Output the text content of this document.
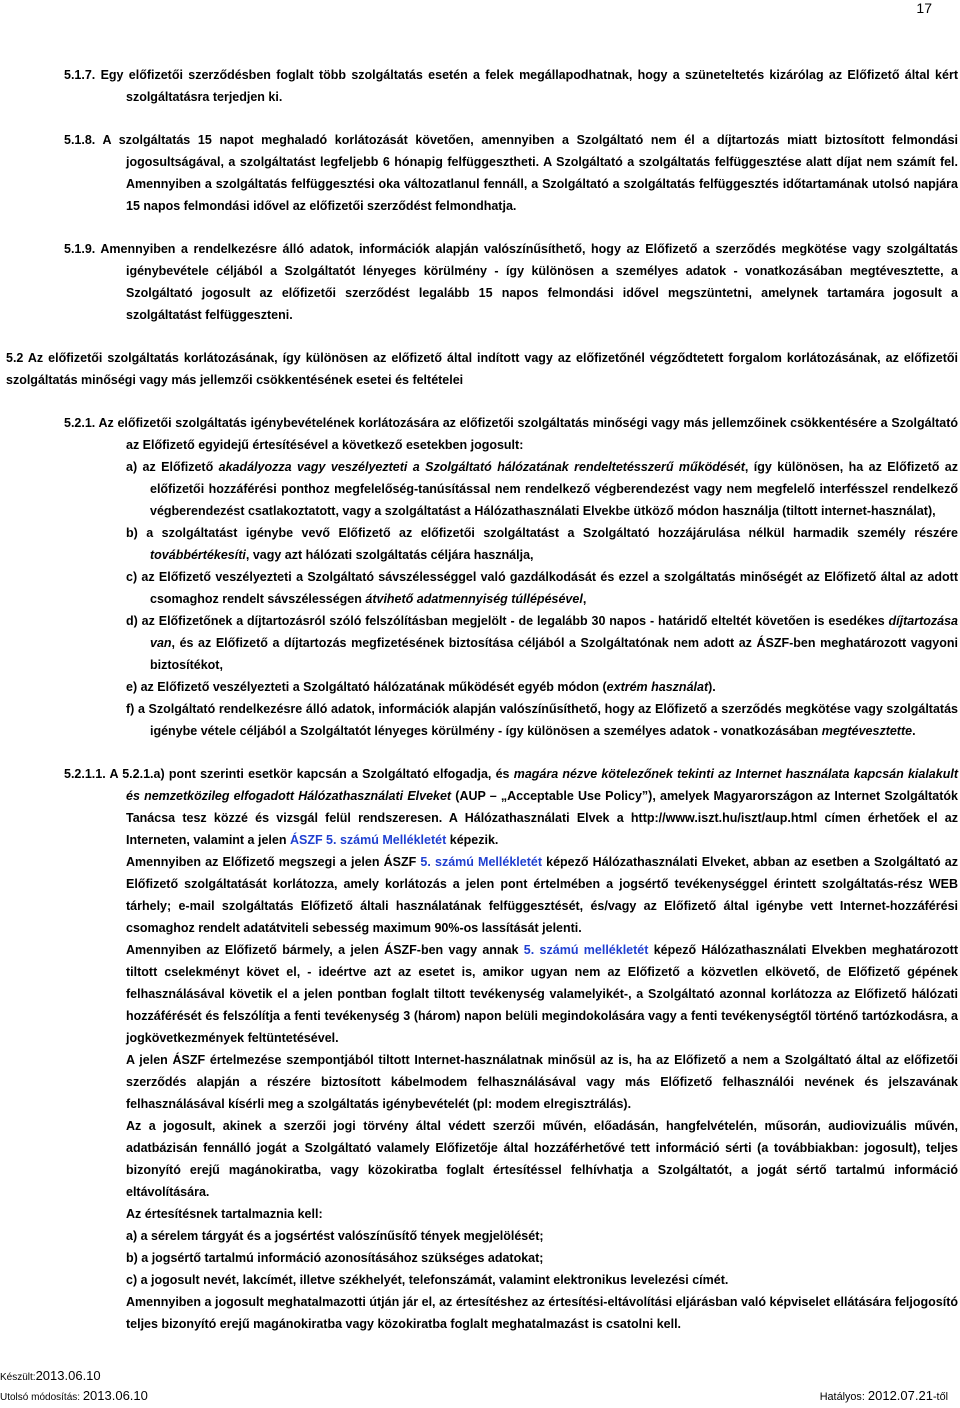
17

5.1.7. Egy előfizetői szerződésben foglalt több szolgáltatás esetén a felek megállapodhatnak, hogy a szüneteltetés kizárólag az Előfizető által kért szolgáltatásra terjedjen ki.

5.1.8. A szolgáltatás 15 napot meghaladó korlátozását követően, amennyiben a Szolgáltató nem él a díjtartozás miatt biztosított felmondási jogosultságával, a szolgáltatást legfeljebb 6 hónapig felfüggesztheti. A Szolgáltató a szolgáltatás felfüggesztése alatt díjat nem számít fel. Amennyiben a szolgáltatás felfüggesztési oka változatlanul fennáll, a Szolgáltató a szolgáltatás felfüggesztés időtartamának utolsó napjára 15 napos felmondási idővel az előfizetői szerződést felmondhatja.

5.1.9. Amennyiben a rendelkezésre álló adatok, információk alapján valószínűsíthető, hogy az Előfizető a szerződés megkötése vagy szolgáltatás igénybevétele céljából a Szolgáltatót lényeges körülmény - így különösen a személyes adatok - vonatkozásában megtévesztette, a Szolgáltató jogosult az előfizetői szerződést legalább 15 napos felmondási idővel megszüntetni, amelynek tartamára jogosult a szolgáltatást felfüggeszteni.

5.2 Az előfizetői szolgáltatás korlátozásának, így különösen az előfizető által indított vagy az előfizetőnél végződtetett forgalom korlátozásának, az előfizetői szolgáltatás minőségi vagy más jellemzői csökkentésének esetei és feltételei

5.2.1. Az előfizetői szolgáltatás igénybevételének korlátozására az előfizetői szolgáltatás minőségi vagy más jellemzőinek csökkentésére a Szolgáltató az Előfizető egyidejű értesítésével a következő esetekben jogosult:

a) az Előfizető akadályozza vagy veszélyezteti a Szolgáltató hálózatának rendeltetésszerű működését, így különösen, ha az Előfizető az előfizetői hozzáférési ponthoz megfelelőség-tanúsítással nem rendelkező végberendezést vagy nem megfelelő interfésszel rendelkező végberendezést csatlakoztatott, vagy a szolgáltatást a Hálózathasználati Elvekbe ütköző módon használja (tiltott internet-használat),

b) a szolgáltatást igénybe vevő Előfizető az előfizetői szolgáltatást a Szolgáltató hozzájárulása nélkül harmadik személy részére továbbértékesíti, vagy azt hálózati szolgáltatás céljára használja,

c) az Előfizető veszélyezteti a Szolgáltató sávszélességgel való gazdálkodását és ezzel a szolgáltatás minőségét az Előfizető által az adott csomaghoz rendelt sávszélességen átvihető adatmennyiség túllépésével,

d) az Előfizetőnek a díjtartozásról szóló felszólításban megjelölt - de legalább 30 napos - határidő elteltét követően is esedékes díjtartozása van, és az Előfizető a díjtartozás megfizetésének biztosítása céljából a Szolgáltatónak nem adott az ÁSZF-ben meghatározott vagyoni biztosítékot,

e) az Előfizető veszélyezteti a Szolgáltató hálózatának működését egyéb módon (extrém használat).

f) a Szolgáltató rendelkezésre álló adatok, információk alapján valószínűsíthető, hogy az Előfizető a szerződés megkötése vagy szolgáltatás igénybe vétele céljából a Szolgáltatót lényeges körülmény - így különösen a személyes adatok - vonatkozásában megtévesztette.

5.2.1.1. A 5.2.1.a) pont szerinti esetkör kapcsán a Szolgáltató elfogadja, és magára nézve kötelezőnek tekinti az Internet használata kapcsán kialakult és nemzetközileg elfogadott Hálózathasználati Elveket (AUP – „Acceptable Use Policy”), amelyek Magyarországon az Internet Szolgáltatók Tanácsa tesz közzé és vizsgál felül rendszeresen. A Hálózathasználati Elvek a http://www.iszt.hu/iszt/aup.html címen érhetőek el az Interneten, valamint a jelen ÁSZF 5. számú Mellékletét képezik.

Amennyiben az Előfizető megszegi a jelen ÁSZF 5. számú Mellékletét képező Hálózathasználati Elveket, abban az esetben a Szolgáltató az Előfizető szolgáltatását korlátozza, amely korlátozás a jelen pont értelmében a jogsértő tevékenységgel érintett szolgáltatás-rész WEB tárhely; e-mail szolgáltatás Előfizető általi használatának felfüggesztését, és/vagy az Előfizető által igénybe vett Internet-hozzáférési csomaghoz rendelt adatátviteli sebesség maximum 90%-os lassítását jelenti.

Amennyiben az Előfizető bármely, a jelen ÁSZF-ben vagy annak 5. számú mellékletét képező Hálózathasználati Elvekben meghatározott tiltott cselekményt követ el, - ideértve azt az esetet is, amikor ugyan nem az Előfizető a közvetlen elkövető, de Előfizető gépének felhasználásával követik el a jelen pontban foglalt tiltott tevékenység valamelyikét-, a Szolgáltató azonnal korlátozza az Előfizető hálózati hozzáférését és felszólítja a fenti tevékenység 3 (három) napon belüli megindokolására vagy a fenti tevékenységtől történő tartózkodásra, a jogkövetkezmények feltüntetésével.

A jelen ÁSZF értelmezése szempontjából tiltott Internet-használatnak minősül az is, ha az Előfizető a nem a Szolgáltató által az előfizetői szerződés alapján a részére biztosított kábelmodem felhasználásával vagy más Előfizető felhasználói nevének és jelszavának felhasználásával kísérli meg a szolgáltatás igénybevételét (pl: modem elregisztrálás).

Az a jogosult, akinek a szerzői jogi törvény által védett szerzői művén, előadásán, hangfelvételén, műsorán, audiovizuális művén, adatbázisán fennálló jogát a Szolgáltató valamely Előfizetője által hozzáférhetővé tett információ sérti (a továbbiakban: jogosult), teljes bizonyító erejű magánokiratba, vagy közokiratba foglalt értesítéssel felhívhatja a Szolgáltatót, a jogát sértő tartalmú információ eltávolítására.

Az értesítésnek tartalmaznia kell:

a) a sérelem tárgyát és a jogsértést valószínűsítő tények megjelölését;

b) a jogsértő tartalmú információ azonosításához szükséges adatokat;

c) a jogosult nevét, lakcímét, illetve székhelyét, telefonszámát, valamint elektronikus levelezési címét.

Amennyiben a jogosult meghatalmazotti útján jár el, az értesítéshez az értesítési-eltávolítási eljárásban való képviselet ellátására feljogosító teljes bizonyító erejű magánokiratba vagy közokiratba foglalt meghatalmazást is csatolni kell.

Készült:2013.06.10
Utolsó módosítás: 2013.06.10	Hatályos: 2012.07.21-től
